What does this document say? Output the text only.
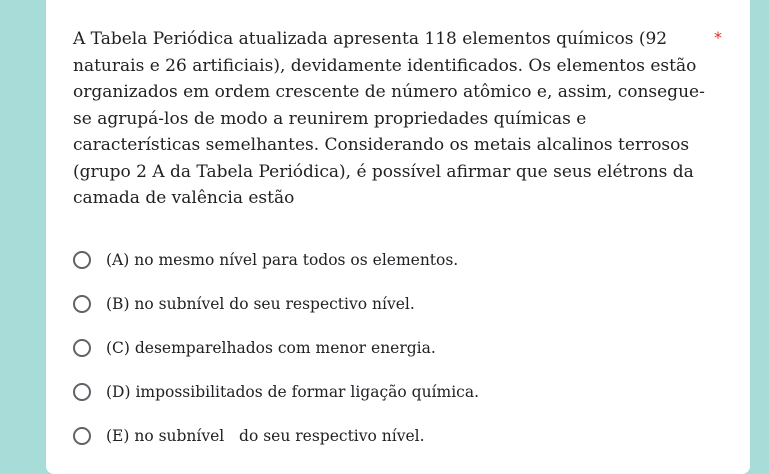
A Tabela Periódica atualizada apresenta 118 elementos químicos (92 naturais e 26 artificiais), devidamente identificados. Os elementos estão organizados em ordem crescente de número atômico e, assim, consegue-se agrupá-los de modo a reunirem propriedades químicas e características semelhantes. Considerando os metais alcalinos terrosos (grupo 2 A da Tabela Periódica), é possível afirmar que seus elétrons da camada de valência estão

*
(A) no mesmo nível para todos os elementos.
(B) no subnível do seu respectivo nível.
(C) desemparelhados com menor energia.
(D) impossibilitados de formar ligação química.
(E) no subnível   do seu respectivo nível.
